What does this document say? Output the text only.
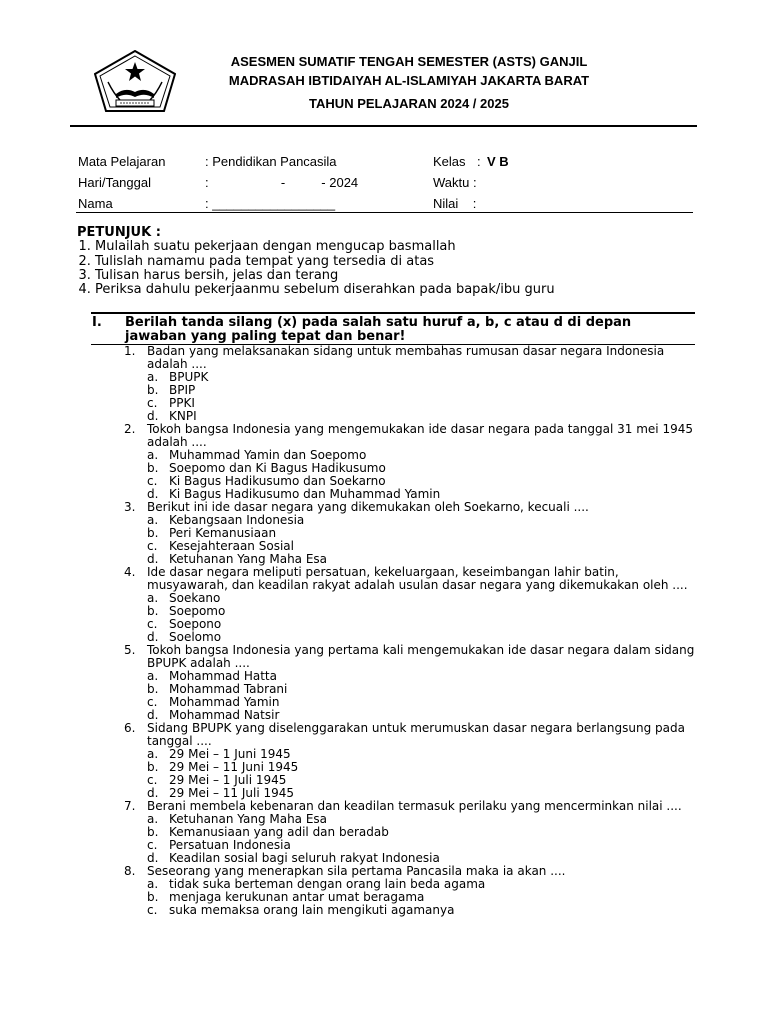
ASESMEN SUMATIF TENGAH SEMESTER (ASTS) GANJIL
MADRASAH IBTIDAIYAH AL-ISLAMIYAH JAKARTA BARAT
TAHUN PELAJARAN 2024 / 2025
Mata Pelajaran	: Pendidikan Pancasila	Kelas : V B
Hari/Tanggal	:                    -          - 2024	Waktu :
Nama	: _________________	Nilai    :
PETUNJUK :
1. Mulailah suatu pekerjaan dengan mengucap basmallah
2. Tulislah namamu pada tempat yang tersedia di atas
3. Tulisan harus bersih, jelas dan terang
4. Periksa dahulu pekerjaanmu sebelum diserahkan pada bapak/ibu guru
I. Berilah tanda silang (x) pada salah satu huruf a, b, c atau d di depan jawaban yang paling tepat dan benar!
1. Badan yang melaksanakan sidang untuk membahas rumusan dasar negara Indonesia adalah ....
a. BPUPK
b. BPIP
c. PPKI
d. KNPI
2. Tokoh bangsa Indonesia yang mengemukakan ide dasar negara pada tanggal 31 mei 1945 adalah ....
a. Muhammad Yamin dan Soepomo
b. Soepomo dan Ki Bagus Hadikusumo
c. Ki Bagus Hadikusumo dan Soekarno
d. Ki Bagus Hadikusumo dan Muhammad Yamin
3. Berikut ini ide dasar negara yang dikemukakan oleh Soekarno, kecuali ....
a. Kebangsaan Indonesia
b. Peri Kemanusiaan
c. Kesejahteraan Sosial
d. Ketuhanan Yang Maha Esa
4. Ide dasar negara meliputi persatuan, kekeluargaan, keseimbangan lahir batin, musyawarah, dan keadilan rakyat adalah usulan dasar negara yang dikemukakan oleh ....
a. Soekano
b. Soepomo
c. Soepono
d. Soelomo
5. Tokoh bangsa Indonesia yang pertama kali mengemukakan ide dasar negara dalam sidang BPUPK adalah ....
a. Mohammad Hatta
b. Mohammad Tabrani
c. Mohammad Yamin
d. Mohammad Natsir
6. Sidang BPUPK yang diselenggarakan untuk merumuskan dasar negara berlangsung pada tanggal ....
a. 29 Mei – 1 Juni 1945
b. 29 Mei – 11 Juni 1945
c. 29 Mei – 1 Juli 1945
d. 29 Mei – 11 Juli 1945
7. Berani membela kebenaran dan keadilan termasuk perilaku yang mencerminkan nilai ....
a. Ketuhanan Yang Maha Esa
b. Kemanusiaan yang adil dan beradab
c. Persatuan Indonesia
d. Keadilan sosial bagi seluruh rakyat Indonesia
8. Seseorang yang menerapkan sila pertama Pancasila maka ia akan ....
a. tidak suka berteman dengan orang lain beda agama
b. menjaga kerukunan antar umat beragama
c. suka memaksa orang lain mengikuti agamanya
